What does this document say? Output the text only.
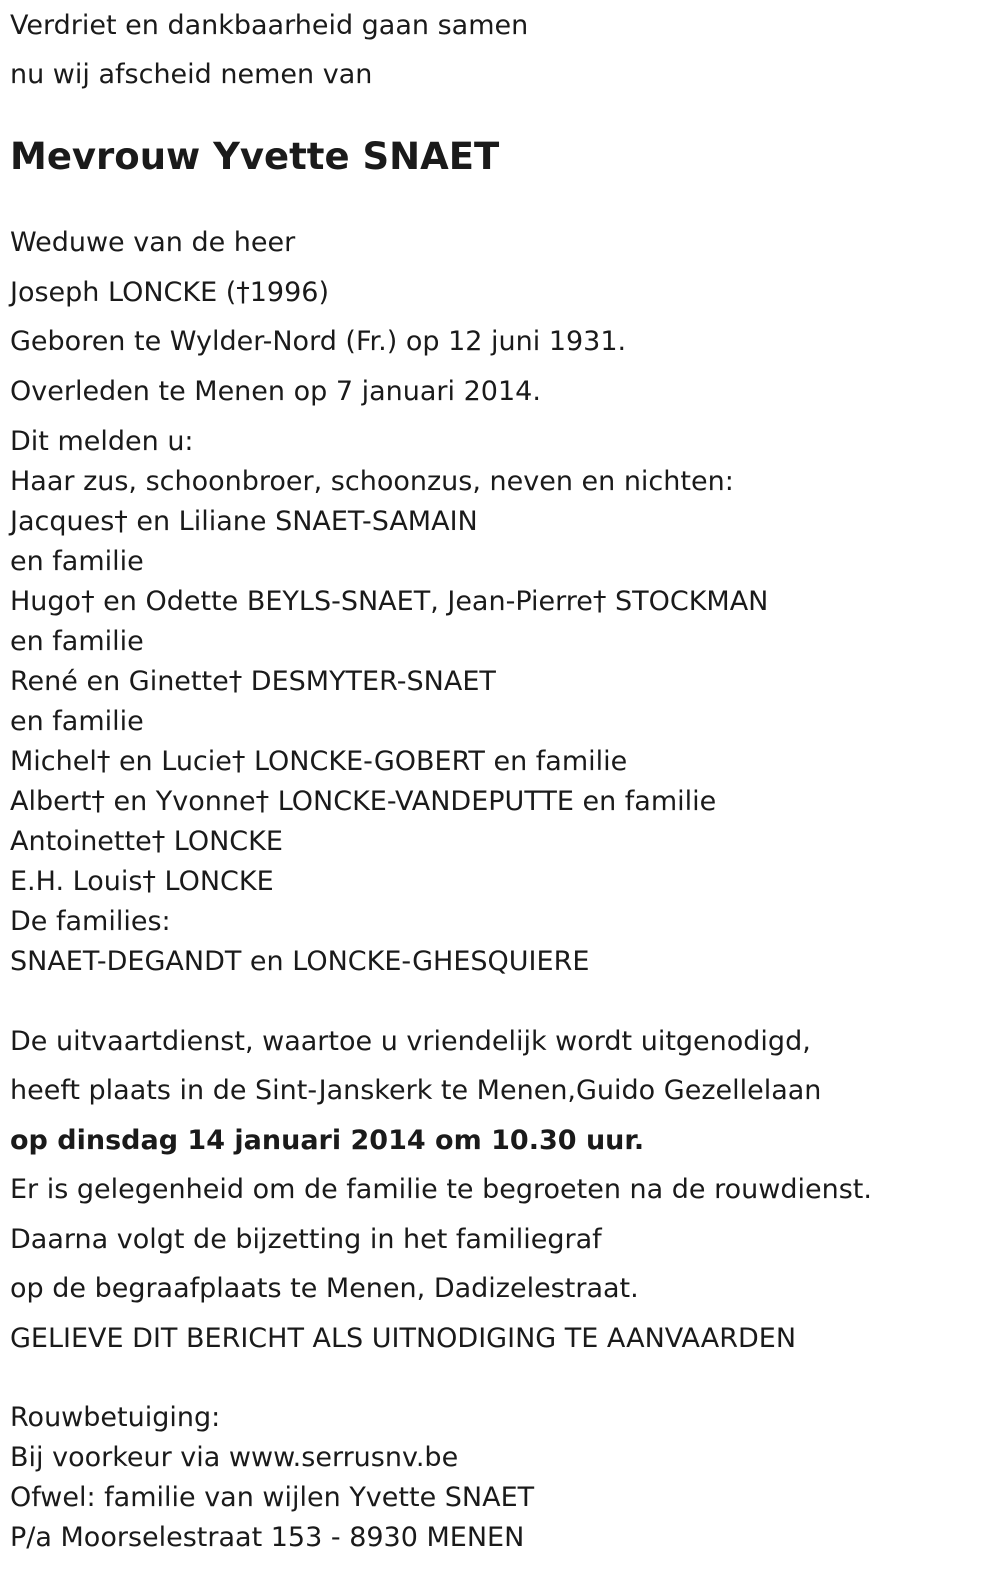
Verdriet en dankbaarheid gaan samen
nu wij afscheid nemen van
Mevrouw Yvette SNAET
Weduwe van de heer
Joseph LONCKE (†1996)
Geboren te Wylder-Nord (Fr.) op 12 juni 1931.
Overleden te Menen op 7 januari 2014.
Dit melden u:
Haar zus, schoonbroer, schoonzus, neven en nichten:
Jacques† en Liliane SNAET-SAMAIN
en familie
Hugo† en Odette BEYLS-SNAET, Jean-Pierre† STOCKMAN
en familie
René en Ginette† DESMYTER-SNAET
en familie
Michel† en Lucie† LONCKE-GOBERT en familie
Albert† en Yvonne† LONCKE-VANDEPUTTE en familie
Antoinette† LONCKE
E.H. Louis† LONCKE
De families:
SNAET-DEGANDT en LONCKE-GHESQUIERE
De uitvaartdienst, waartoe u vriendelijk wordt uitgenodigd,
heeft plaats in de Sint-Janskerk te Menen,Guido Gezellelaan
op dinsdag 14 januari 2014 om 10.30 uur.
Er is gelegenheid om de familie te begroeten na de rouwdienst.
Daarna volgt de bijzetting in het familiegraf
op de begraafplaats te Menen, Dadizelestraat.
GELIEVE DIT BERICHT ALS UITNODIGING TE AANVAARDEN
Rouwbetuiging:
Bij voorkeur via www.serrusnv.be
Ofwel: familie van wijlen Yvette SNAET
P/a Moorselestraat 153 - 8930 MENEN
